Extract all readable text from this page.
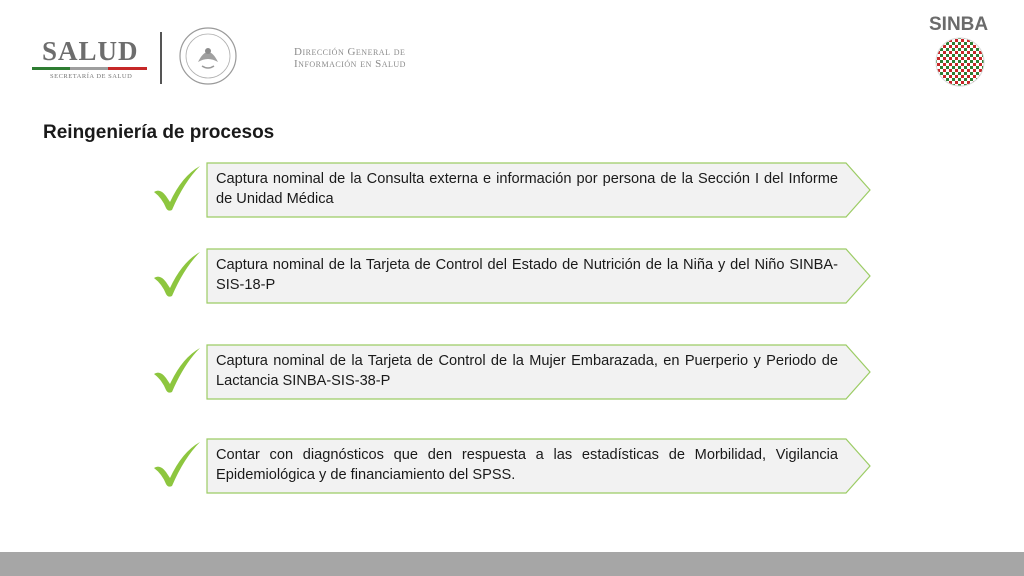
SALUD
SECRETARÍA DE SALUD
Dirección General de
Información en Salud
SINBA
Reingeniería de procesos
Captura nominal de la Consulta externa e información por persona de la Sección I del Informe de Unidad Médica
Captura nominal de la Tarjeta de Control del Estado de Nutrición de la Niña y del Niño SINBA-SIS-18-P
Captura nominal de la Tarjeta de Control de la Mujer Embarazada, en Puerperio y Periodo de Lactancia SINBA-SIS-38-P
Contar con diagnósticos que den respuesta a las estadísticas de Morbilidad, Vigilancia Epidemiológica y de financiamiento del SPSS.
